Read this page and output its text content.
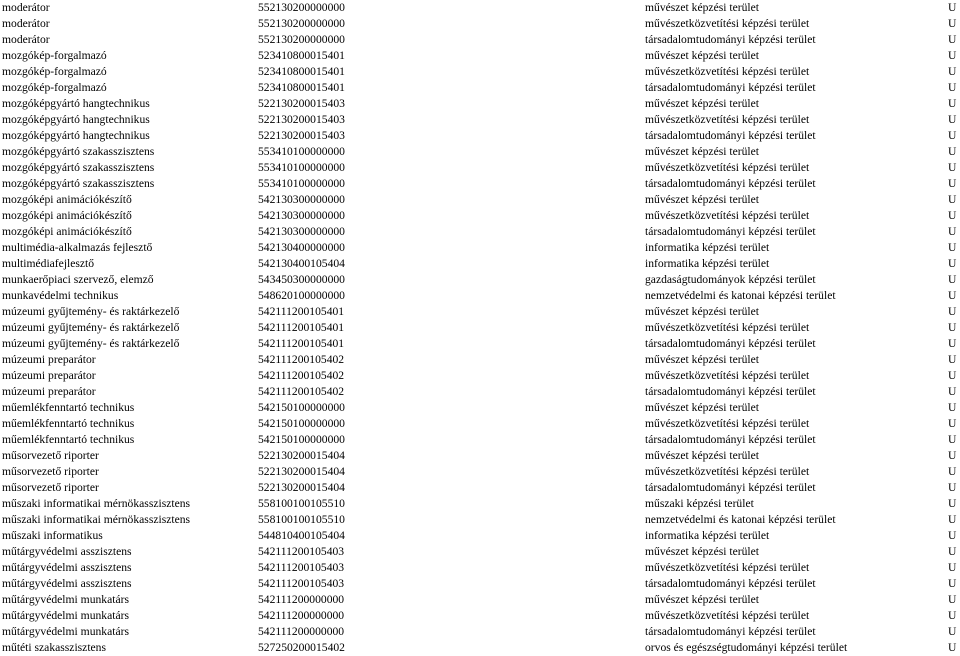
moderátor	552130200000000	művészet képzési terület	U
moderátor	552130200000000	művészetközvetítési képzési terület	U
moderátor	552130200000000	társadalomtudományi képzési terület	U
mozgókép-forgalmazó	523410800015401	művészet képzési terület	U
mozgókép-forgalmazó	523410800015401	művészetközvetítési képzési terület	U
mozgókép-forgalmazó	523410800015401	társadalomtudományi képzési terület	U
mozgóképgyártó hangtechnikus	522130200015403	művészet képzési terület	U
mozgóképgyártó hangtechnikus	522130200015403	művészetközvetítési képzési terület	U
mozgóképgyártó hangtechnikus	522130200015403	társadalomtudományi képzési terület	U
mozgóképgyártó szakasszisztens	553410100000000	művészet képzési terület	U
mozgóképgyártó szakasszisztens	553410100000000	művészetközvetítési képzési terület	U
mozgóképgyártó szakasszisztens	553410100000000	társadalomtudományi képzési terület	U
mozgóképi animációkészítő	542130300000000	művészet képzési terület	U
mozgóképi animációkészítő	542130300000000	művészetközvetítési képzési terület	U
mozgóképi animációkészítő	542130300000000	társadalomtudományi képzési terület	U
multimédia-alkalmazás fejlesztő	542130400000000	informatika képzési terület	U
multimédiafejlesztő	542130400105404	informatika képzési terület	U
munkaerőpiaci szervező, elemző	543450300000000	gazdaságtudományok képzési terület	U
munkavédelmi technikus	548620100000000	nemzetvédelmi és katonai képzési terület	U
múzeumi gyűjtemény- és raktárkezelő	542111200105401	művészet képzési terület	U
múzeumi gyűjtemény- és raktárkezelő	542111200105401	művészetközvetítési képzési terület	U
múzeumi gyűjtemény- és raktárkezelő	542111200105401	társadalomtudományi képzési terület	U
múzeumi preparátor	542111200105402	művészet képzési terület	U
múzeumi preparátor	542111200105402	művészetközvetítési képzési terület	U
múzeumi preparátor	542111200105402	társadalomtudományi képzési terület	U
műemlékfenntartó technikus	542150100000000	művészet képzési terület	U
műemlékfenntartó technikus	542150100000000	művészetközvetítési képzési terület	U
műemlékfenntartó technikus	542150100000000	társadalomtudományi képzési terület	U
műsorvezető riporter	522130200015404	művészet képzési terület	U
műsorvezető riporter	522130200015404	művészetközvetítési képzési terület	U
műsorvezető riporter	522130200015404	társadalomtudományi képzési terület	U
műszaki informatikai mérnökasszisztens	558100100105510	műszaki képzési terület	U
műszaki informatikai mérnökasszisztens	558100100105510	nemzetvédelmi és katonai képzési terület	U
műszaki informatikus	544810400105404	informatika képzési terület	U
műtárgyvédelmi asszisztens	542111200105403	művészet képzési terület	U
műtárgyvédelmi asszisztens	542111200105403	művészetközvetítési képzési terület	U
műtárgyvédelmi asszisztens	542111200105403	társadalomtudományi képzési terület	U
műtárgyvédelmi munkatárs	542111200000000	művészet képzési terület	U
műtárgyvédelmi munkatárs	542111200000000	művészetközvetítési képzési terület	U
műtárgyvédelmi munkatárs	542111200000000	társadalomtudományi képzési terület	U
műtéti szakasszisztens	527250200015402	orvos és egészségtudományi képzési terület	U
